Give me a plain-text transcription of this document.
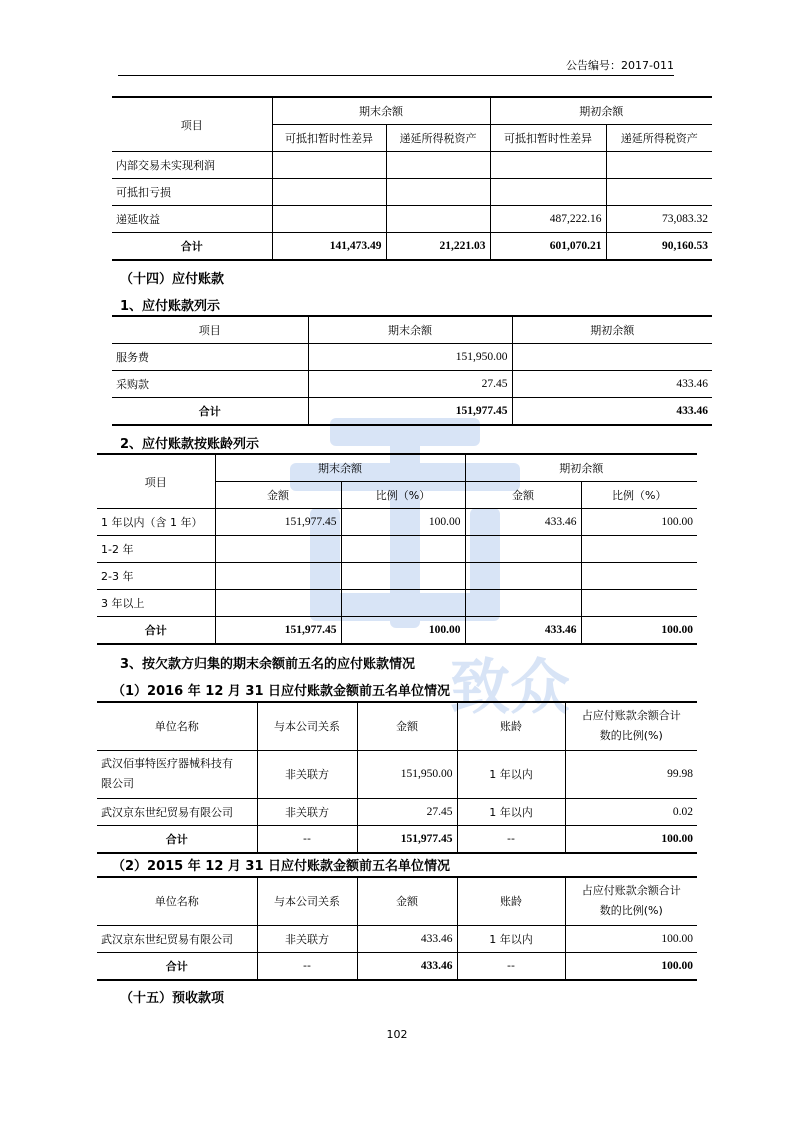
公告编号：2017-011
致众
项目	期末余额		期初余额	
	可抵扣暂时性差异	递延所得税资产	可抵扣暂时性差异	递延所得税资产
内部交易未实现利润				
可抵扣亏损				
递延收益			487,222.16	73,083.32
合计	141,473.49	21,221.03	601,070.21	90,160.53
（十四）应付账款
1、应付账款列示
项目	期末余额	期初余额
服务费	151,950.00	
采购款	27.45	433.46
合计	151,977.45	433.46
2、应付账款按账龄列示
项目	期末余额		期初余额	
	金额	比例（%）	金额	比例（%）
1 年以内（含 1 年）	151,977.45	100.00	433.46	100.00
1-2 年				
2-3 年				
3 年以上				
合计	151,977.45	100.00	433.46	100.00
3、按欠款方归集的期末余额前五名的应付账款情况
（1）2016 年 12 月 31 日应付账款金额前五名单位情况
单位名称	与本公司关系	金额	账龄	占应付账款余额合计
数的比例(%)

武汉佰事特医疗器械科技有
限公司	非关联方	151,950.00	1 年以内	99.98
武汉京东世纪贸易有限公司	非关联方	27.45	1 年以内	0.02
合计	--	151,977.45	--	100.00
（2）2015 年 12 月 31 日应付账款金额前五名单位情况
单位名称	与本公司关系	金额	账龄	占应付账款余额合计
数的比例(%)

武汉京东世纪贸易有限公司	非关联方	433.46	1 年以内	100.00
合计	--	433.46	--	100.00
（十五）预收款项
102
